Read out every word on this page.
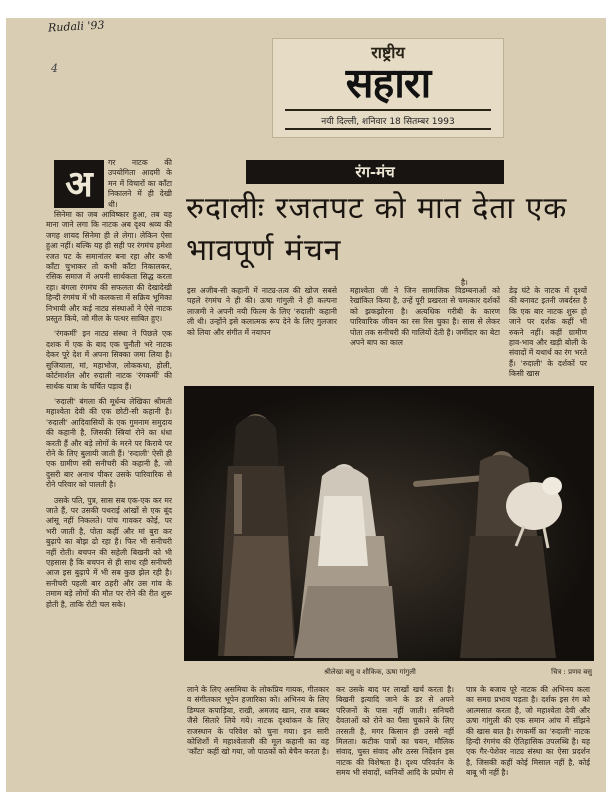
Rudali '93
4
राष्ट्रीय
सहारा
नयी दिल्ली, शनिवार 18 सितम्बर 1993
रंग-मंच
रुदालीः रजतपट को मात देता एक भावपूर्ण मंचन
अ
गर नाटक की उपयोगिता आदमी के मन में विचारों का काँटा निकालने में ही देखी थी।

सिनेमा का जब आविष्कार हुआ, तब यह माना जाने लगा कि नाटक अब दृश्य श्रव्य की जगह शायद सिनेमा ही ले लेगा। लेकिन ऐसा हुआ नहीं। बल्कि यह ही सही पर रंगमंच हमेशा रजत पट के समानांतर बना रहा और कभी काँटा चुभाकर तो कभी काँटा निकालकर, रसिक समाज में अपनी सार्थकता सिद्ध करता रहा। बंगला रंगमंच की सफलता की देखादेखी हिन्दी रंगमंच में भी कलकत्ता में सक्रिय भूमिका निभायी और कई नाट्य संस्थाओं ने ऐसे नाटक प्रस्तुत किये, जो मील के पत्थर साबित हुए।

'रंगकर्मी' इन नाट्य संस्था ने पिछले एक दशक में एक के बाद एक चुनौती भरे नाटक देकर पूरे देश में अपना सिक्का जमा लिया है। सुजियाला, मां, महाभोज, लोककथा, होली, कोर्टमार्शल और रुदाली नाटक 'रंगकर्मी' की सार्थक यात्रा के चर्चित पड़ाव हैं।

'रुदाली' बंगला की मूर्धन्य लेखिका श्रीमती महाश्वेता देवी की एक छोटी-सी कहानी है। 'रुदाली' आदिवासियों के एक गुमनाम समुदाय की कहानी है, जिसकी स्त्रियां रोने का धंधा करती हैं और बड़े लोगों के मरने पर किराये पर रोने के लिए बुलायी जाती हैं। 'रुदाली' ऐसी ही एक ग्रामीण स्त्री सनीचरी की कहानी है, जो दुसरी बार अनाथ पीकर उसके पारिवारिक से रोने परिवार को पालती है।

उसके पति, पुत्र, सास सब एक-एक कर मर जाते हैं, पर उसकी पथराई आंखों से एक बूंद आंसू नहीं निकलते। पांच गावकर कोई, पर भरी जाती है, पोता कहीं और मां बुरा कर बुढ़ापे का बोझ ढो रहा है। फिर भी सनीचरी नहीं रोती। बचपन की सहेली बिखनी को भी एहसास है कि बचपन से ही साथ रही सनीचरी आज इस बुढ़ापे में भी सब कुछ झेल रही है। सनीचरी पहली बार ठहरी और उस गांव के तमाम बड़े लोगों की मौत पर रोने की रीत शुरू होती है, ताकि रोटी चल सके।

इस अजीब-सी कहानी में नाट्य-तत्व की खोज सबसे पहले रंगमंच ने ही की। ऊषा गांगुली ने ही कल्पना लाजमी ने अपनी नयी फिल्म के लिए 'रुदाली' कहानी ली थी। उन्होंने इसे कलात्मक रूप देने के लिए गुलजार को लिया और संगीत में नयापन
महाश्वेता जी ने जिन सामाजिक विडम्बनाओं को रेखांकित किया है, उन्हें पूरी प्रखरता से चमत्कार दर्शकों को झकझोरना है। अत्यधिक गरीबी के कारण पारिवारिक जीवन का रस रिस चुका है। सास से लेकर पोता तक सनीचरी की गालियों देती है। जमींदार का बेटा अपने बाप का काल
है।
डेढ़ घंटे के नाटक में दृश्यों की बनावट इतनी जबर्दस्त है कि एक बार नाटक शुरू हो जाने पर दर्शक कहीं भी रुकने नहीं। कहीं ग्रामीण हाव-भाव और खड़ी बोली के संवादों में यथार्थ का रंग भरते हैं। 'रुदाली' के दर्शकों पर किसी खास
श्रीलेखा बसु व शौकिक, ऊषा गांगुली	चित्र : प्रणव बसु
लाने के लिए असमिया के लोकप्रिय गायक, गीतकार व संगीतकार भूपेन हजारिका को। अभिनय के लिए डिम्पल कपाड़िया, राखी, अमजद खान, राज बब्बर जैसे सितारे लिये गये। नाटक दृश्यांकन के लिए राजस्थान के परिवेश को चुना गया। इन सारी कोशिशों में महाश्वेताजी की मूल कहानी का वह 'काँटा' कहीं खो गया, जो पाठकों को बेचैन करता है।
कर उसके बाद पर लाखों खर्च करता है। बिखनी इत्यादि जाने के डर से अपने परिजनों के पास नहीं जाती। सनिचरी देवताओं को रोने का पैसा चुकाने के लिए तरसती है, मगर किसान ही उससे नहीं मिलता। कटीक पात्रों का चयन, मौलिक संवाद, चुस्त संवाद और ठस्स निर्देशन इस नाटक की विशेषता है। दृश्य परिवर्तन के समय भी संवादों, ध्वनियों आदि के प्रयोग से
पात्र के बजाय पूरे नाटक की अभिनय कला का समग्र प्रभाव पड़ता है। दर्शक इस रंग को आत्मसात करता है, जो महाश्वेता देवी और ऊषा गांगुली की एक समान आंच में सींझने की खास बात है। रंगकर्मी का 'रुदाली' नाटक हिन्दी रंगमंच की ऐतिहासिक उपलब्धि है। यह एक गैर-पेशेवर नाट्य संस्था का ऐसा प्रदर्शन है, जिसकी कहीं कोई मिसाल नहीं है, कोई बाबू भी नहीं है।
